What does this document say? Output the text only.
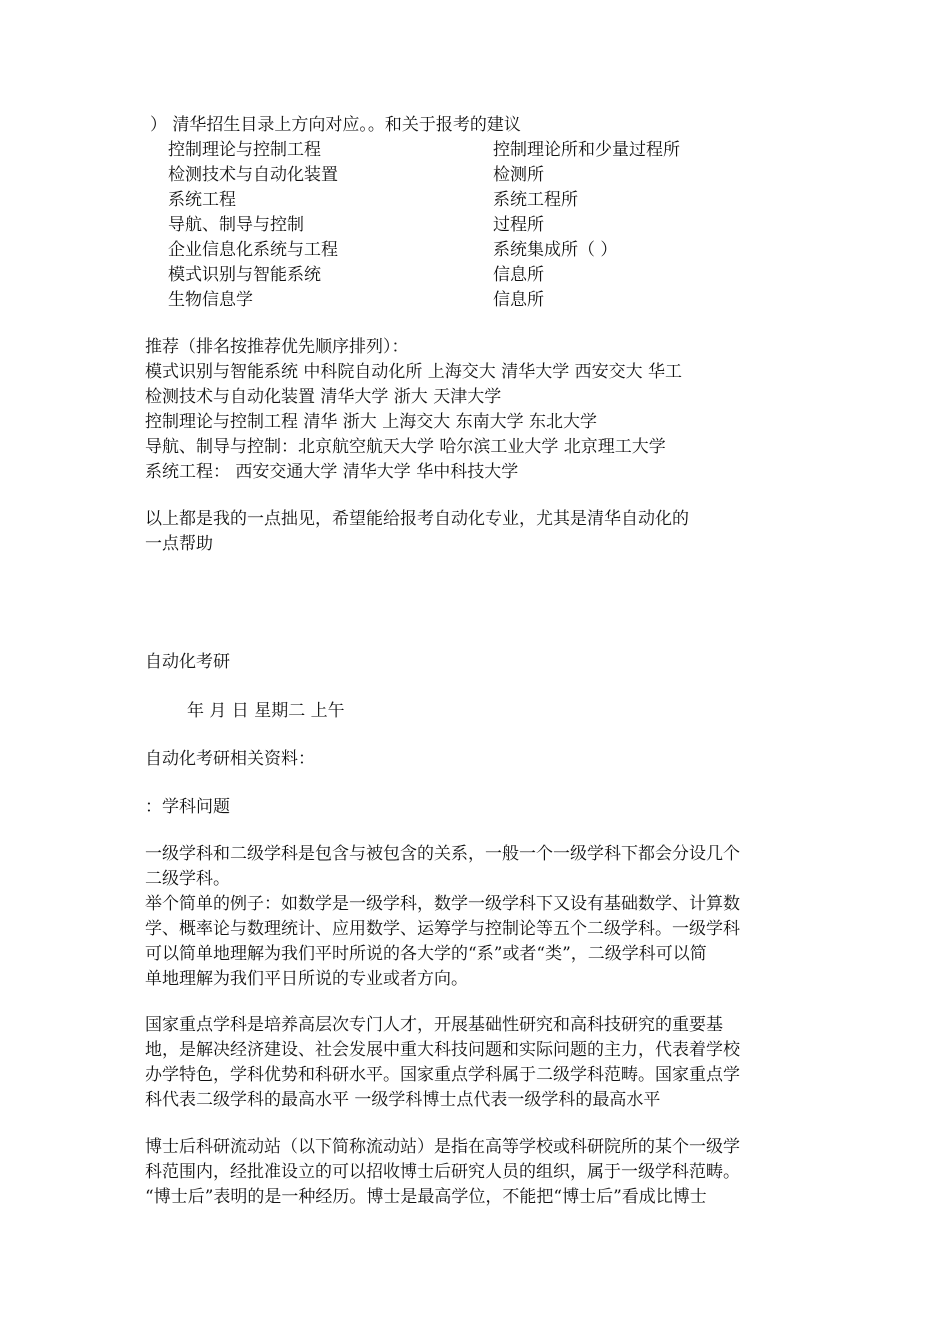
） 清华招生目录上方向对应。。和关于报考的建议
控制理论与控制工程	控制理论所和少量过程所
检测技术与自动化装置	检测所
系统工程	系统工程所
导航、制导与控制	过程所
企业信息化系统与工程	系统集成所（ ）
模式识别与智能系统	信息所
生物信息学	信息所
推荐（排名按推荐优先顺序排列）：
模式识别与智能系统 中科院自动化所 上海交大 清华大学 西安交大 华工
检测技术与自动化装置 清华大学 浙大 天津大学
控制理论与控制工程 清华 浙大 上海交大 东南大学 东北大学
导航、制导与控制：北京航空航天大学 哈尔滨工业大学 北京理工大学
系统工程： 西安交通大学 清华大学 华中科技大学
以上都是我的一点拙见，希望能给报考自动化专业，尤其是清华自动化的
一点帮助
自动化考研
年 月 日 星期二 上午
自动化考研相关资料：
：学科问题
一级学科和二级学科是包含与被包含的关系，一般一个一级学科下都会分设几个
二级学科。
举个简单的例子：如数学是一级学科，数学一级学科下又设有基础数学、计算数
学、概率论与数理统计、应用数学、运筹学与控制论等五个二级学科。一级学科
可以简单地理解为我们平时所说的各大学的“系”或者“类”，二级学科可以简
单地理解为我们平日所说的专业或者方向。
国家重点学科是培养高层次专门人才，开展基础性研究和高科技研究的重要基
地，是解决经济建设、社会发展中重大科技问题和实际问题的主力，代表着学校
办学特色，学科优势和科研水平。国家重点学科属于二级学科范畴。国家重点学
科代表二级学科的最高水平 一级学科博士点代表一级学科的最高水平
博士后科研流动站（以下简称流动站）是指在高等学校或科研院所的某个一级学
科范围内，经批准设立的可以招收博士后研究人员的组织，属于一级学科范畴。
“博士后”表明的是一种经历。博士是最高学位，不能把“博士后”看成比博士
